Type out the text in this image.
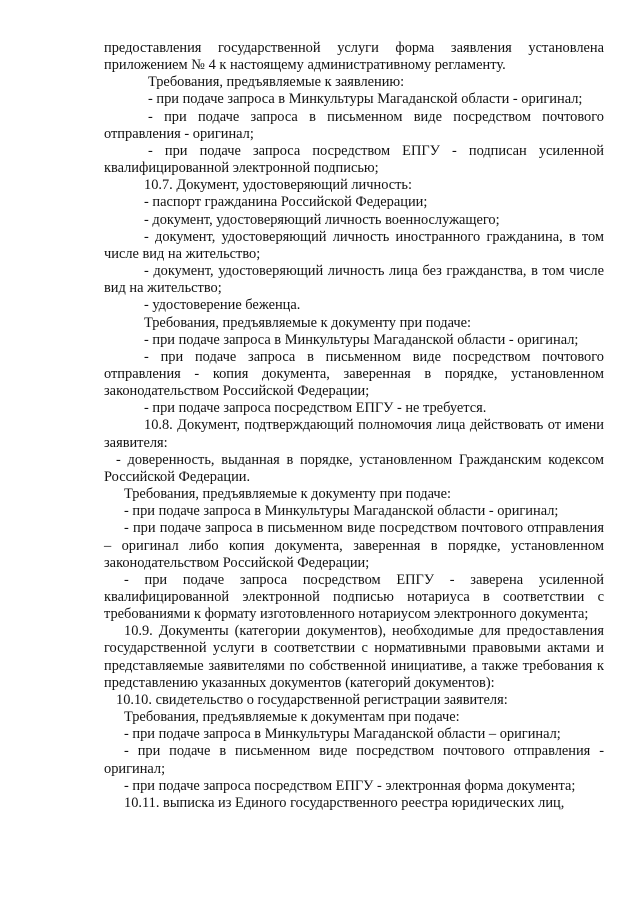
предоставления государственной услуги форма заявления установлена приложением № 4 к настоящему административному регламенту.

Требования, предъявляемые к заявлению:

- при подаче запроса в Минкультуры Магаданской области - оригинал;

- при подаче запроса в письменном виде посредством почтового отправления - оригинал;

- при подаче запроса посредством ЕПГУ - подписан усиленной квалифицированной электронной подписью;

10.7. Документ, удостоверяющий личность:

- паспорт гражданина Российской Федерации;

- документ, удостоверяющий личность военнослужащего;

- документ, удостоверяющий личность иностранного гражданина, в том числе вид на жительство;

- документ, удостоверяющий личность лица без гражданства, в том числе вид на жительство;

- удостоверение беженца.

Требования, предъявляемые к документу при подаче:

- при подаче запроса в Минкультуры Магаданской области - оригинал;

- при подаче запроса в письменном виде посредством почтового отправления - копия документа, заверенная в порядке, установленном законодательством Российской Федерации;

- при подаче запроса посредством ЕПГУ - не требуется.

10.8. Документ, подтверждающий полномочия лица действовать от имени заявителя:

- доверенность, выданная в порядке, установленном Гражданским кодексом Российской Федерации.

Требования, предъявляемые к документу при подаче:

- при подаче запроса в Минкультуры Магаданской области - оригинал;

- при подаче запроса в письменном виде посредством почтового отправления – оригинал либо копия документа, заверенная в порядке, установленном законодательством Российской Федерации;

- при подаче запроса посредством ЕПГУ - заверена усиленной квалифицированной электронной подписью нотариуса в соответствии с требованиями к формату изготовленного нотариусом электронного документа;

10.9. Документы (категории документов), необходимые для предоставления государственной услуги в соответствии с нормативными правовыми актами и представляемые заявителями по собственной инициативе, а также требования к представлению указанных документов (категорий документов):

10.10. свидетельство о государственной регистрации заявителя:

Требования, предъявляемые к документам при подаче:

- при подаче запроса в Минкультуры Магаданской области – оригинал;

- при подаче в письменном виде посредством почтового отправления - оригинал;

- при подаче запроса посредством ЕПГУ - электронная форма документа;

10.11. выписка из Единого государственного реестра юридических лиц,
